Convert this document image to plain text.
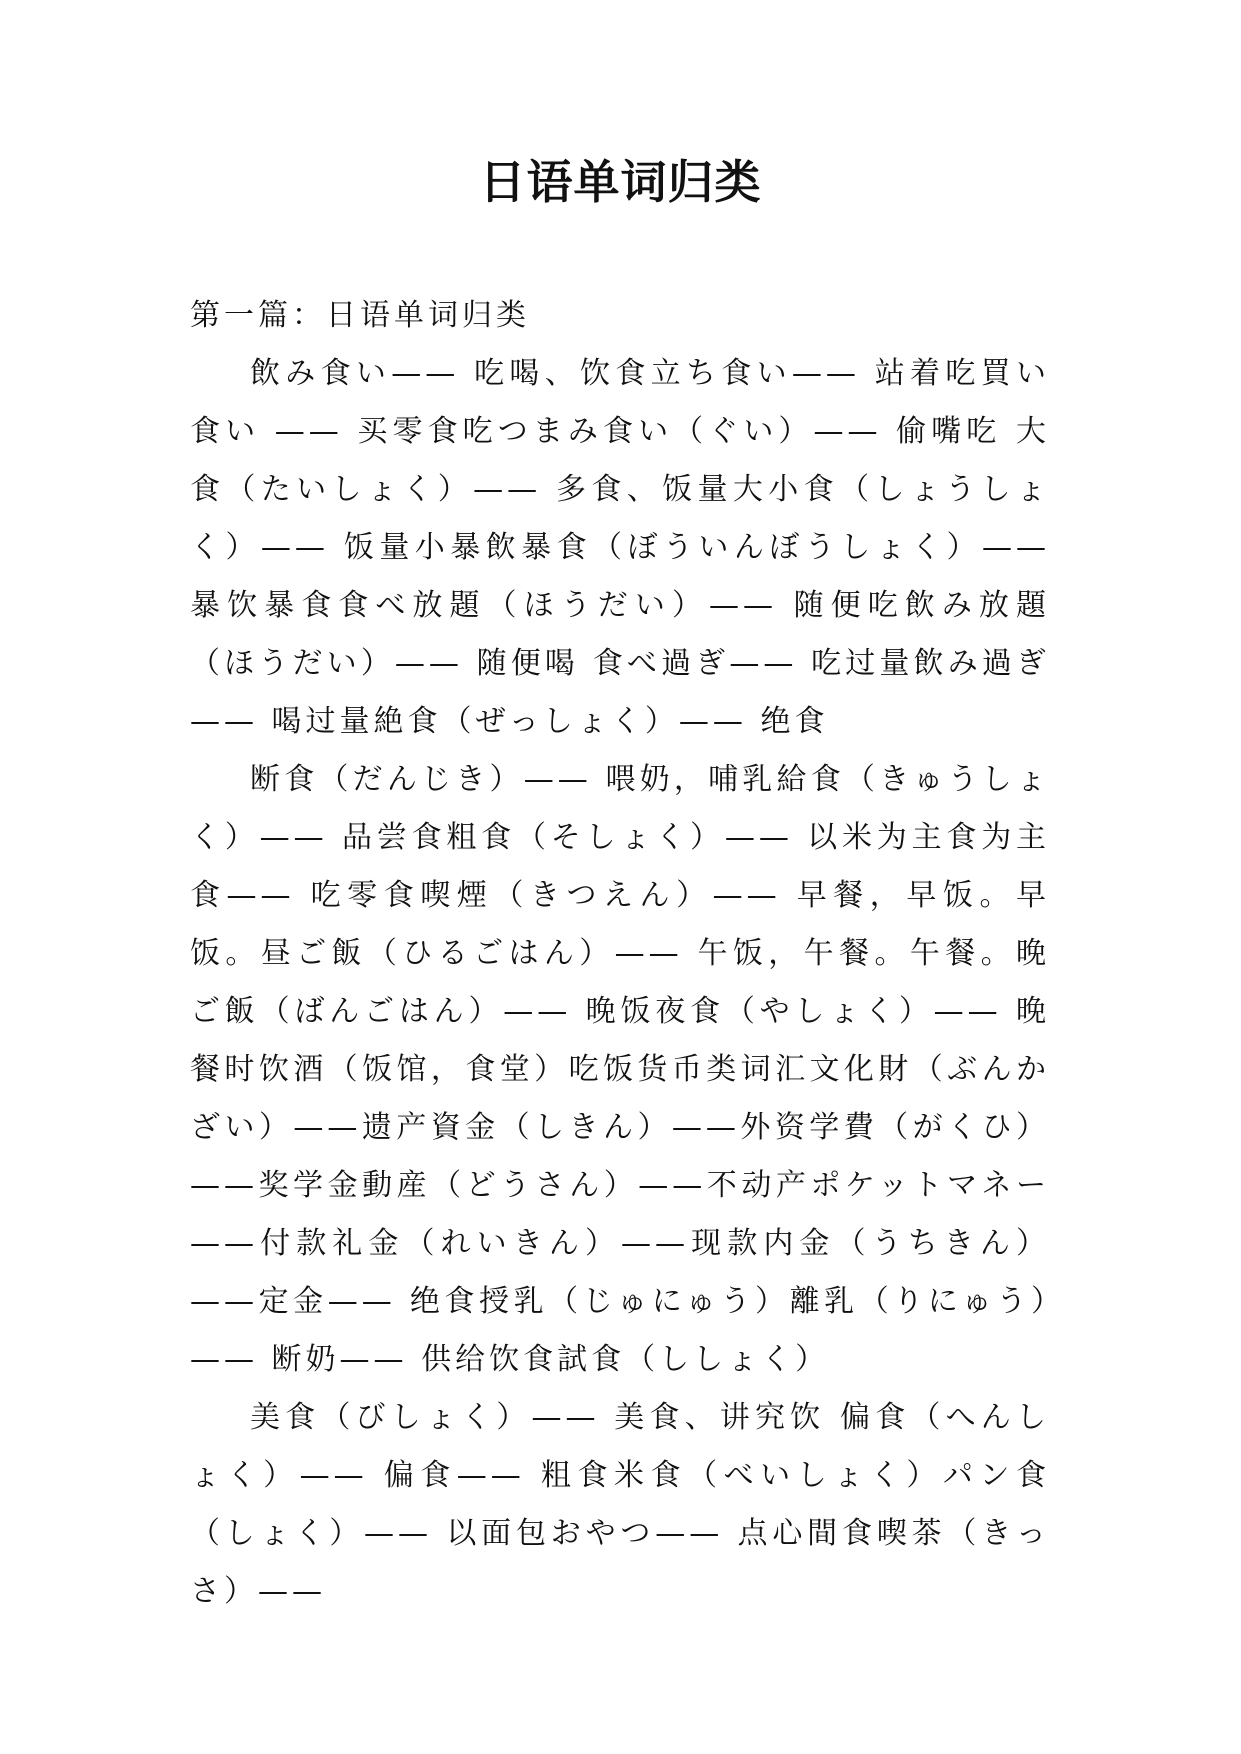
日语单词归类
第一篇：日语单词归类

飲み食い—— 吃喝、饮食立ち食い—— 站着吃買い食い —— 买零食吃つまみ食い（ぐい）—— 偷嘴吃 大食（たいしょく）—— 多食、饭量大小食（しょうしょく）—— 饭量小暴飲暴食（ぼういんぼうしょく）—— 暴饮暴食食べ放題（ほうだい）—— 随便吃飲み放題（ほうだい）—— 随便喝 食べ過ぎ—— 吃过量飲み過ぎ —— 喝过量絶食（ぜっしょく）—— 绝食

断食（だんじき）—— 喂奶，哺乳給食（きゅうしょく）—— 品尝食粗食（そしょく）—— 以米为主食为主食—— 吃零食喫煙（きつえん）—— 早餐，早饭。早饭。昼ご飯（ひるごはん）—— 午饭，午餐。午餐。晚ご飯（ばんごはん）—— 晚饭夜食（やしょく）—— 晚餐时饮酒（饭馆，食堂）吃饭货币类词汇文化財（ぶんかざい）——遗产資金（しきん）——外资学費（がくひ）——奖学金動産（どうさん）——不动产ポケットマネー——付款礼金（れいきん）——现款内金（うちきん）——定金—— 绝食授乳（じゅにゅう）離乳（りにゅう）—— 断奶—— 供给饮食試食（ししょく）

美食（びしょく）—— 美食、讲究饮 偏食（へんしょく）—— 偏食—— 粗食米食（べいしょく）パン食（しょく）—— 以面包おやつ—— 点心間食喫茶（きっさ）——
